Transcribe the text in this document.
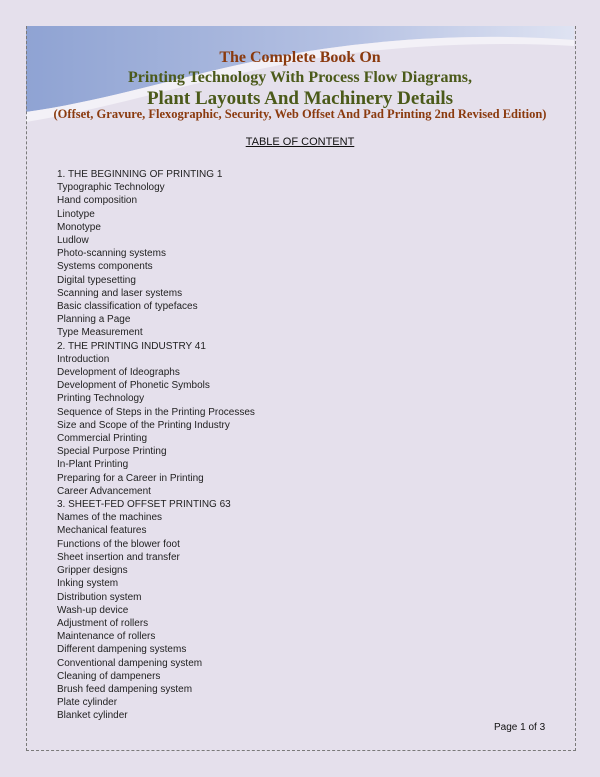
The Complete Book On
Printing Technology With Process Flow Diagrams,
Plant Layouts And Machinery Details
(Offset, Gravure, Flexographic, Security, Web Offset And Pad Printing 2nd Revised Edition)
TABLE OF CONTENT
1. THE BEGINNING OF PRINTING 1
Typographic Technology
Hand composition
Linotype
Monotype
Ludlow
Photo-scanning systems
Systems components
Digital typesetting
Scanning and laser systems
Basic classification of typefaces
Planning a Page
Type Measurement
2. THE PRINTING INDUSTRY 41
Introduction
Development of Ideographs
Development of Phonetic Symbols
Printing Technology
Sequence of Steps in the Printing Processes
Size and Scope of the Printing Industry
Commercial Printing
Special Purpose Printing
In-Plant Printing
Preparing for a Career in Printing
Career Advancement
3. SHEET-FED OFFSET PRINTING 63
Names of the machines
Mechanical features
Functions of the blower foot
Sheet insertion and transfer
Gripper designs
Inking system
Distribution system
Wash-up device
Adjustment of rollers
Maintenance of rollers
Different dampening systems
Conventional dampening system
Cleaning of dampeners
Brush feed dampening system
Plate cylinder
Blanket cylinder
Page 1 of 3
